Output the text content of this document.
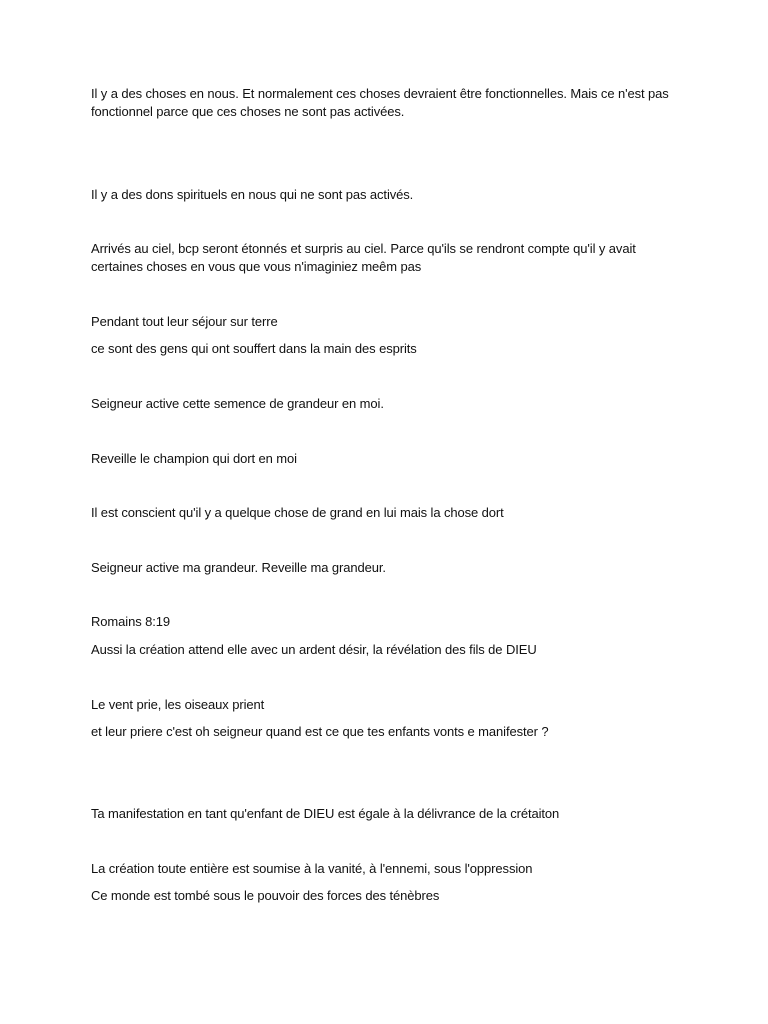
Il y a des choses en nous. Et normalement ces choses devraient être fonctionnelles. Mais ce n'est pas fonctionnel parce que ces choses ne sont pas activées.

Il y a des dons spirituels en nous qui ne sont pas activés.

Arrivés au ciel, bcp seront étonnés et surpris au ciel. Parce qu'ils se rendront compte qu'il y avait certaines choses en vous que vous n'imaginiez meêm pas

Pendant tout leur séjour sur terre

ce sont des gens qui ont souffert dans la main des esprits

Seigneur active cette semence de grandeur en moi.

Reveille le champion qui dort en moi

Il est conscient qu'il y a quelque chose de grand en lui mais la chose dort

Seigneur active ma grandeur. Reveille ma grandeur.

Romains 8:19

Aussi la création attend elle avec un ardent désir, la révélation des fils de DIEU

Le vent prie, les oiseaux prient

et leur priere c'est oh seigneur quand est ce que tes enfants vonts e manifester ?

Ta manifestation en tant qu'enfant de DIEU est égale à la délivrance de la crétaiton

La création toute entière est soumise à la vanité, à l'ennemi, sous l'oppression

Ce monde est tombé sous le pouvoir des forces des ténèbres
